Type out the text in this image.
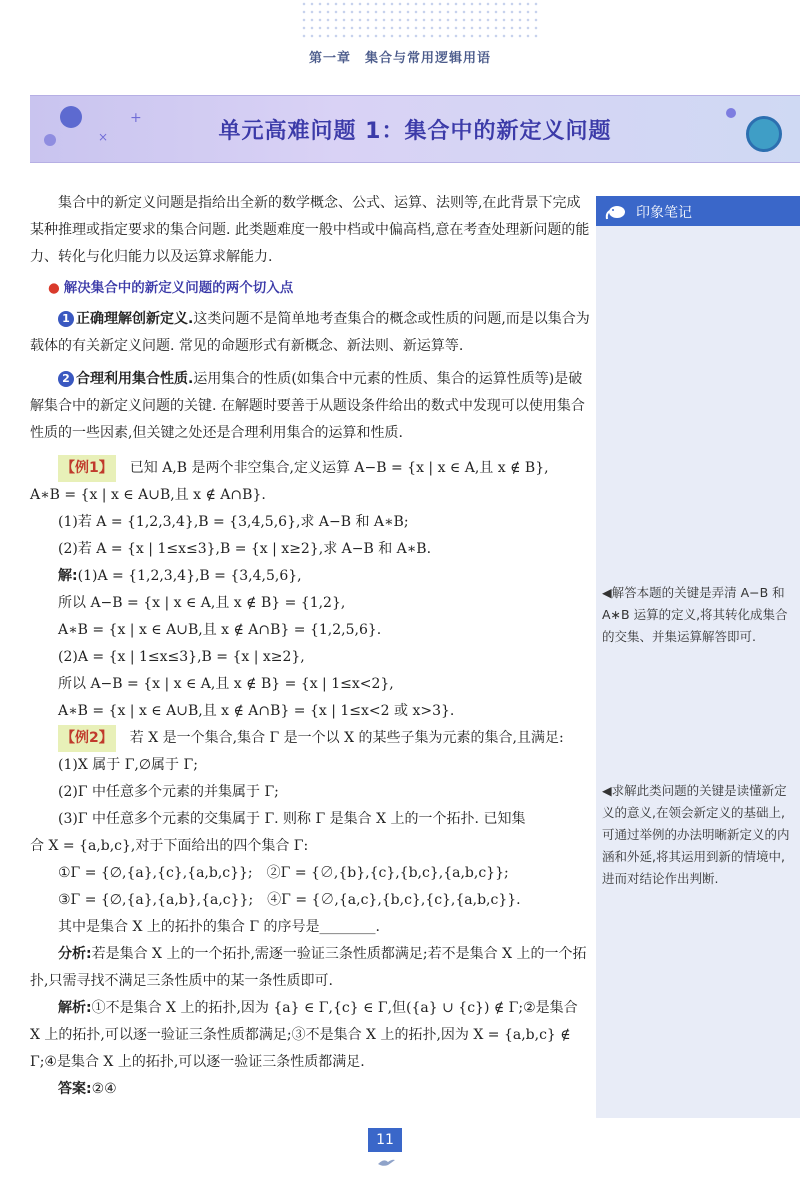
第一章　集合与常用逻辑用语
+
×	单元高难问题 1：集合中的新定义问题
印象笔记
◀解答本题的关键是弄清 A−B 和 A∗B 运算的定义,将其转化成集合的交集、并集运算解答即可.
◀求解此类问题的关键是读懂新定义的意义,在领会新定义的基础上,可通过举例的办法明晰新定义的内涵和外延,将其运用到新的情境中,进而对结论作出判断.

集合中的新定义问题是指给出全新的数学概念、公式、运算、法则等,在此背景下完成某种推理或指定要求的集合问题. 此类题难度一般中档或中偏高档,意在考查处理新问题的能力、转化与化归能力以及运算求解能力.

● 解决集合中的新定义问题的两个切入点

1 正确理解创新定义.这类问题不是简单地考查集合的概念或性质的问题,而是以集合为载体的有关新定义问题. 常见的命题形式有新概念、新法则、新运算等.

2 合理利用集合性质.运用集合的性质(如集合中元素的性质、集合的运算性质等)是破解集合中的新定义问题的关键. 在解题时要善于从题设条件给出的数式中发现可以使用集合性质的一些因素,但关键之处还是合理利用集合的运算和性质.

【例1】 已知 A,B 是两个非空集合,定义运算 A−B = {x | x ∈ A,且 x ∉ B},

A∗B = {x | x ∈ A∪B,且 x ∉ A∩B}.

(1)若 A = {1,2,3,4},B = {3,4,5,6},求 A−B 和 A∗B;

(2)若 A = {x | 1≤x≤3},B = {x | x≥2},求 A−B 和 A∗B.

解:(1)A = {1,2,3,4},B = {3,4,5,6},

所以 A−B = {x | x ∈ A,且 x ∉ B} = {1,2},

A∗B = {x | x ∈ A∪B,且 x ∉ A∩B} = {1,2,5,6}.

(2)A = {x | 1≤x≤3},B = {x | x≥2},

所以 A−B = {x | x ∈ A,且 x ∉ B} = {x | 1≤x<2},

A∗B = {x | x ∈ A∪B,且 x ∉ A∩B} = {x | 1≤x<2 或 x>3}.

【例2】 若 X 是一个集合,集合 Γ 是一个以 X 的某些子集为元素的集合,且满足:

(1)X 属于 Γ,∅属于 Γ;

(2)Γ 中任意多个元素的并集属于 Γ;

(3)Γ 中任意多个元素的交集属于 Γ. 则称 Γ 是集合 X 上的一个拓扑. 已知集

合 X = {a,b,c},对于下面给出的四个集合 Γ:

①Γ = {∅,{a},{c},{a,b,c}};　②Γ = {∅,{b},{c},{b,c},{a,b,c}};

③Γ = {∅,{a},{a,b},{a,c}};　④Γ = {∅,{a,c},{b,c},{c},{a,b,c}}.

其中是集合 X 上的拓扑的集合 Γ 的序号是________.

分析:若是集合 X 上的一个拓扑,需逐一验证三条性质都满足;若不是集合 X 上的一个拓扑,只需寻找不满足三条性质中的某一条性质即可.

解析:①不是集合 X 上的拓扑,因为 {a} ∈ Γ,{c} ∈ Γ,但({a} ∪ {c}) ∉ Γ;②是集合 X 上的拓扑,可以逐一验证三条性质都满足;③不是集合 X 上的拓扑,因为 X = {a,b,c} ∉ Γ;④是集合 X 上的拓扑,可以逐一验证三条性质都满足.

答案:②④

11
